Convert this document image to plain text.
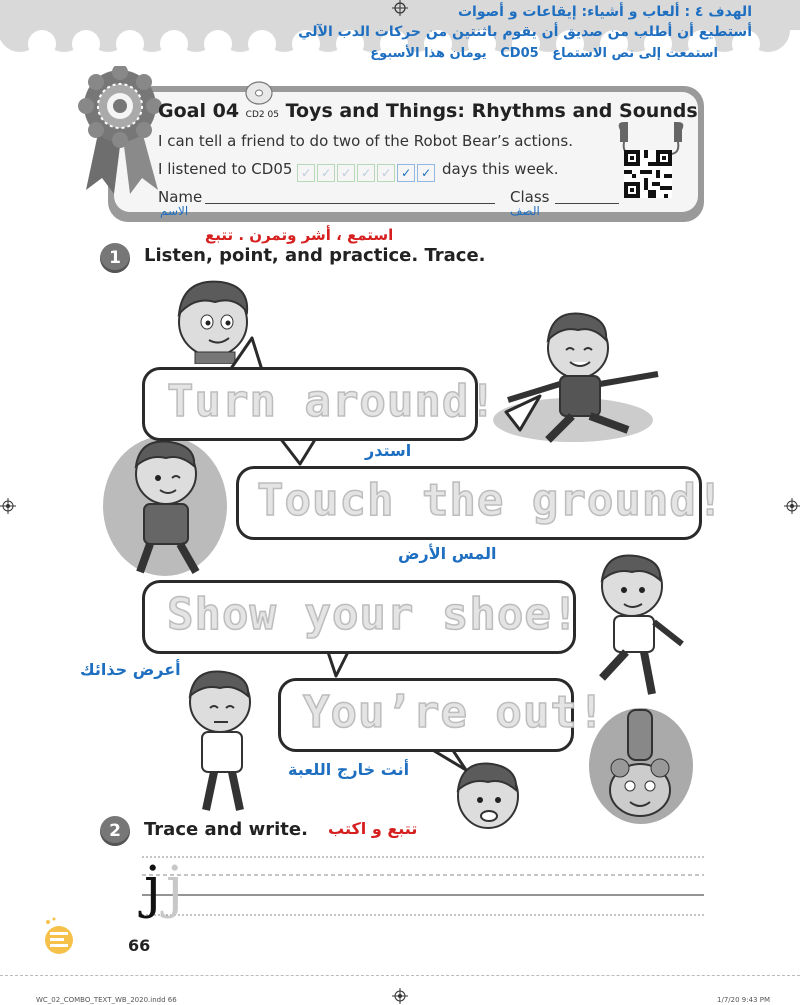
الهدف ٤ : ألعاب و أشياء: إيقاعات و أصوات
أستطيع أن أطلب من صديق أن يقوم باثنتين من حركات الدب الآلي
استمعت إلى نص الاستماع   CD05   يومان هذا الأسبوع
Goal 04 CD2 05 Toys and Things: Rhythms and Sounds
I can tell a friend to do two of the Robot Bear’s actions.
I listened to CD05 ✓ ✓ ✓ ✓ ✓ ✓ ✓ days this week.
Name	Class
الاسم	الصف
استمع ، أشر وتمرن . تتبع
1	Listen, point, and practice. Trace.
Turn around!
استدر
Touch the ground!
المس الأرض
Show your shoe!
أعرض حذائك
You’re out!
أنت خارج اللعبة
2	Trace and write. تتبع و اكتب
j j
66
WC_02_COMBO_TEXT_WB_2020.indd 66	1/7/20 9:43 PM
